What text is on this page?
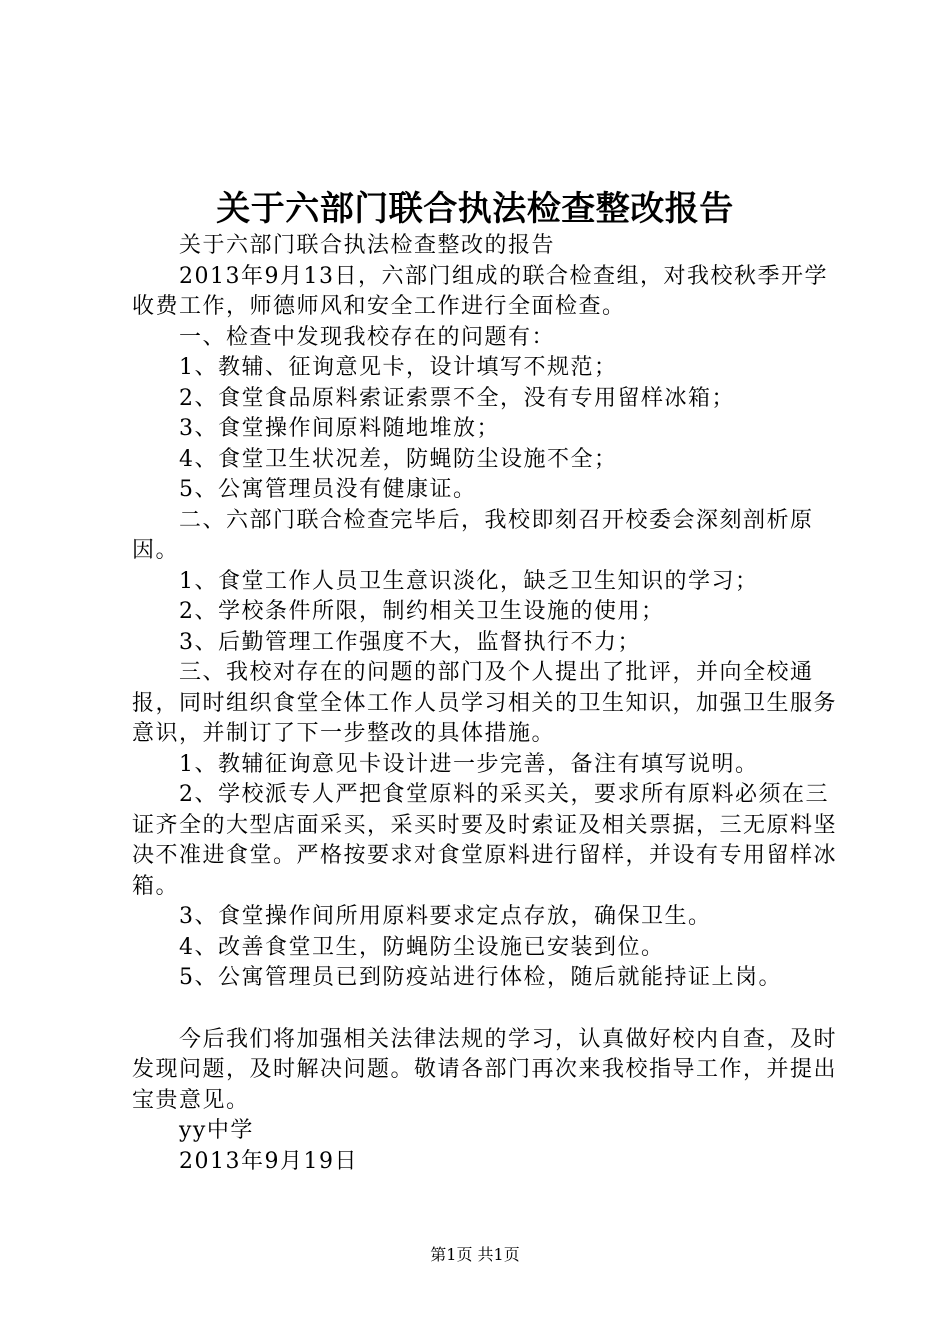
关于六部门联合执法检查整改报告

关于六部门联合执法检查整改的报告

2013年9月13日，六部门组成的联合检查组，对我校秋季开学收费工作，师德师风和安全工作进行全面检查。

一、检查中发现我校存在的问题有：

1、教辅、征询意见卡，设计填写不规范；

2、食堂食品原料索证索票不全，没有专用留样冰箱；

3、食堂操作间原料随地堆放；

4、食堂卫生状况差，防蝇防尘设施不全；

5、公寓管理员没有健康证。

二、六部门联合检查完毕后，我校即刻召开校委会深刻剖析原因。

1、食堂工作人员卫生意识淡化，缺乏卫生知识的学习；

2、学校条件所限，制约相关卫生设施的使用；

3、后勤管理工作强度不大，监督执行不力；

三、我校对存在的问题的部门及个人提出了批评，并向全校通报，同时组织食堂全体工作人员学习相关的卫生知识，加强卫生服务意识，并制订了下一步整改的具体措施。

1、教辅征询意见卡设计进一步完善，备注有填写说明。

2、学校派专人严把食堂原料的采买关，要求所有原料必须在三证齐全的大型店面采买，采买时要及时索证及相关票据，三无原料坚决不准进食堂。严格按要求对食堂原料进行留样，并设有专用留样冰箱。

3、食堂操作间所用原料要求定点存放，确保卫生。

4、改善食堂卫生，防蝇防尘设施已安装到位。

5、公寓管理员已到防疫站进行体检，随后就能持证上岗。

今后我们将加强相关法律法规的学习，认真做好校内自查，及时发现问题，及时解决问题。敬请各部门再次来我校指导工作，并提出宝贵意见。

yy中学

2013年9月19日

第1页 共1页
